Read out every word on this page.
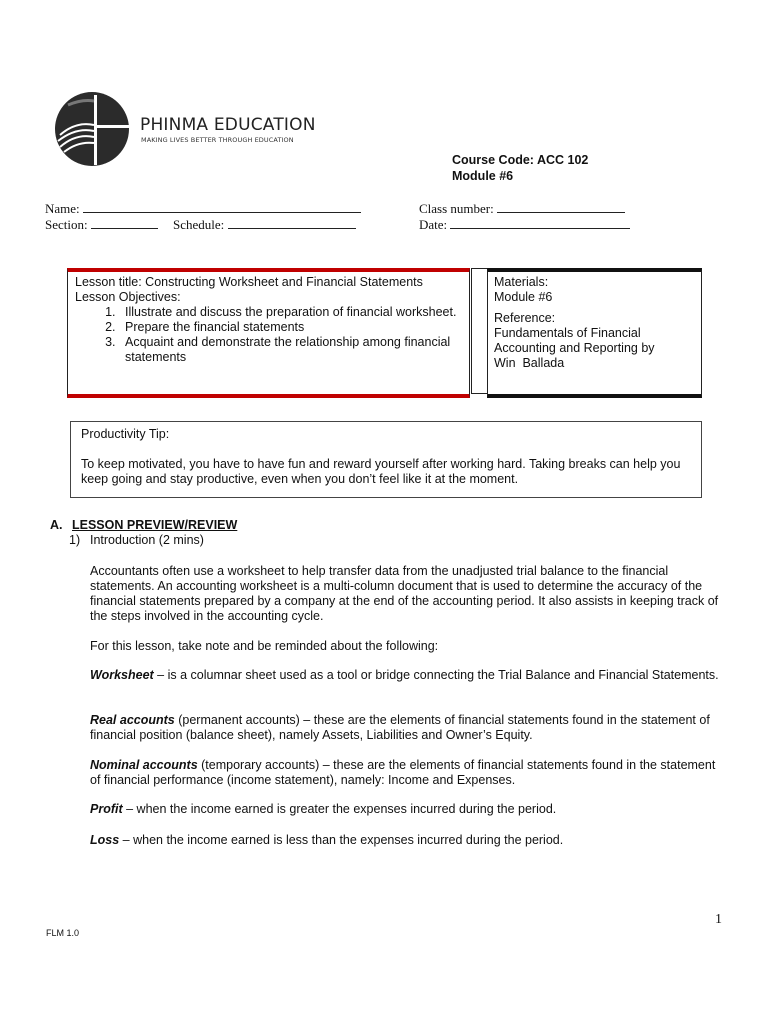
PHINMA EDUCATION
MAKING LIVES BETTER THROUGH EDUCATION
Course Code: ACC 102
Module #6
Name:	Class number:
Section:	Schedule:	Date:
Lesson title: Constructing Worksheet and Financial Statements
Lesson Objectives:
1. Illustrate and discuss the preparation of financial worksheet.
2. Prepare the financial statements
3. Acquaint and demonstrate the relationship among financial statements
Materials:
Module #6
Reference:
Fundamentals of Financial
Accounting and Reporting by
Win  Ballada
Productivity Tip:
To keep motivated, you have to have fun and reward yourself after working hard. Taking breaks can help you keep going and stay productive, even when you don’t feel like it at the moment.
A. LESSON PREVIEW/REVIEW
1) Introduction (2 mins)
Accountants often use a worksheet to help transfer data from the unadjusted trial balance to the financial statements. An accounting worksheet is a multi-column document that is used to determine the accuracy of the financial statements prepared by a company at the end of the accounting period. It also assists in keeping track of the steps involved in the accounting cycle.
For this lesson, take note and be reminded about the following:
Worksheet – is a columnar sheet used as a tool or bridge connecting the Trial Balance and Financial Statements.
Real accounts (permanent accounts) – these are the elements of financial statements found in the statement of financial position (balance sheet), namely Assets, Liabilities and Owner’s Equity.
Nominal accounts (temporary accounts) – these are the elements of financial statements found in the statement of financial performance (income statement), namely: Income and Expenses.
Profit – when the income earned is greater the expenses incurred during the period.
Loss – when the income earned is less than the expenses incurred during the period.
1
FLM 1.0
